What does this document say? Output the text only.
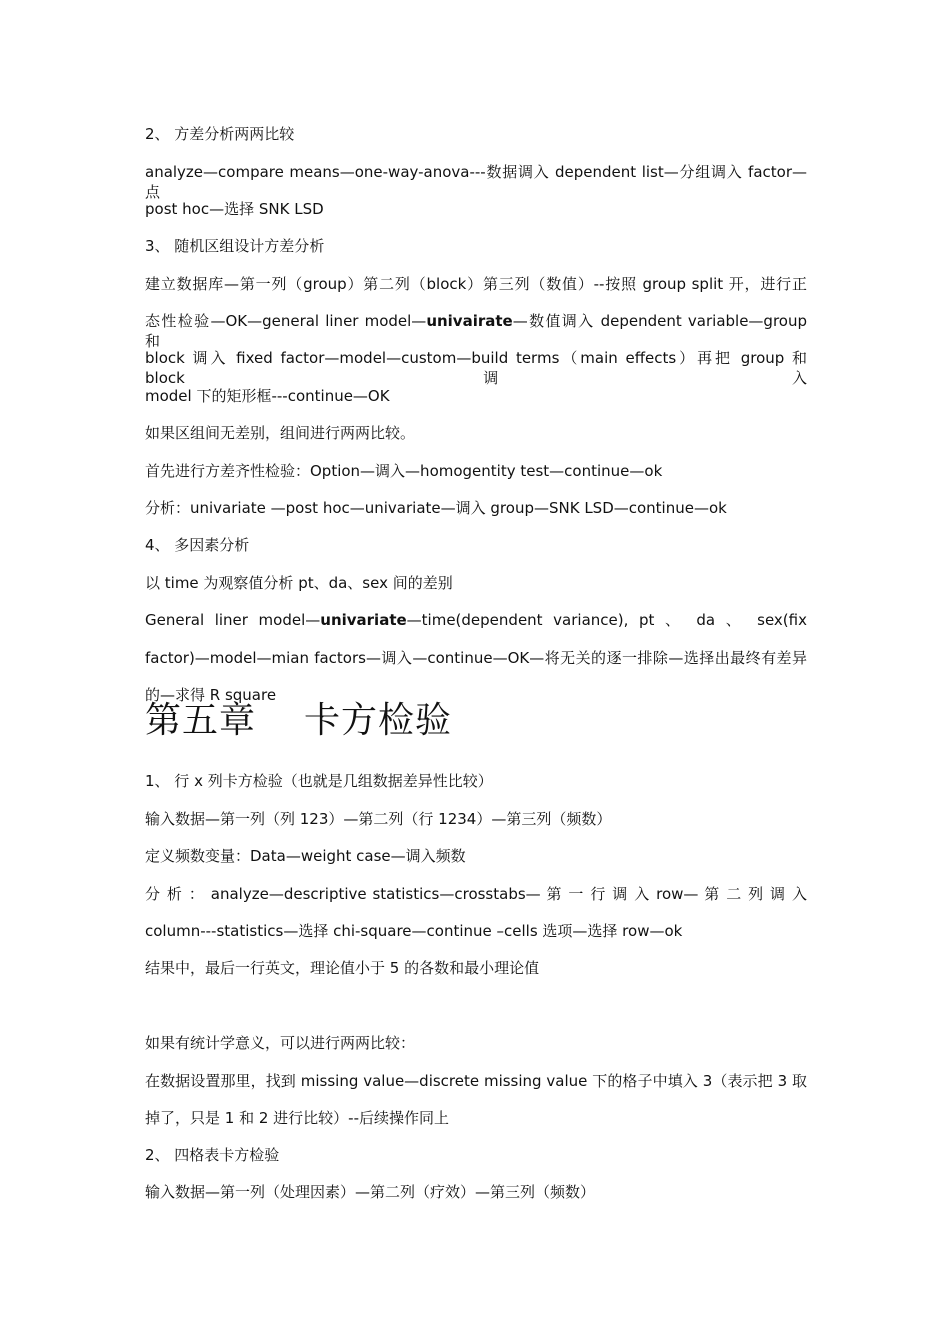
2、 方差分析两两比较
analyze—compare means—one-way-anova---数据调入 dependent list—分组调入 factor—点
post hoc—选择 SNK LSD
3、 随机区组设计方差分析
建立数据库—第一列（group）第二列（block）第三列（数值）--按照 group split 开，进行正
态性检验—OK—general liner model—univairate—数值调入 dependent variable—group 和
block 调入 fixed factor—model—custom—build terms（main effects）再把 group 和 block 调入
model 下的矩形框---continue—OK
如果区组间无差别，组间进行两两比较。
首先进行方差齐性检验：Option—调入—homogentity test—continue—ok
分析：univariate —post hoc—univariate—调入 group—SNK LSD—continue—ok
4、 多因素分析
以 time 为观察值分析 pt、da、sex 间的差别
General liner model—univariate—time(dependent variance), pt 、 da 、 sex(fix
factor)—model—mian factors—调入—continue—OK—将无关的逐一排除—选择出最终有差异
的—求得 R square
第五章 卡方检验
1、 行 x 列卡方检验（也就是几组数据差异性比较）
输入数据—第一列（列 123）—第二列（行 1234）—第三列（频数）
定义频数变量：Data—weight case—调入频数
分 析 ： analyze—descriptive statistics—crosstabs— 第 一 行 调 入 row— 第 二 列 调 入
column---statistics—选择 chi-square—continue –cells 选项—选择 row—ok
结果中，最后一行英文，理论值小于 5 的各数和最小理论值
如果有统计学意义，可以进行两两比较：
在数据设置那里，找到 missing value—discrete missing value 下的格子中填入 3（表示把 3 取
掉了，只是 1 和 2 进行比较）--后续操作同上
2、 四格表卡方检验
输入数据—第一列（处理因素）—第二列（疗效）—第三列（频数）
